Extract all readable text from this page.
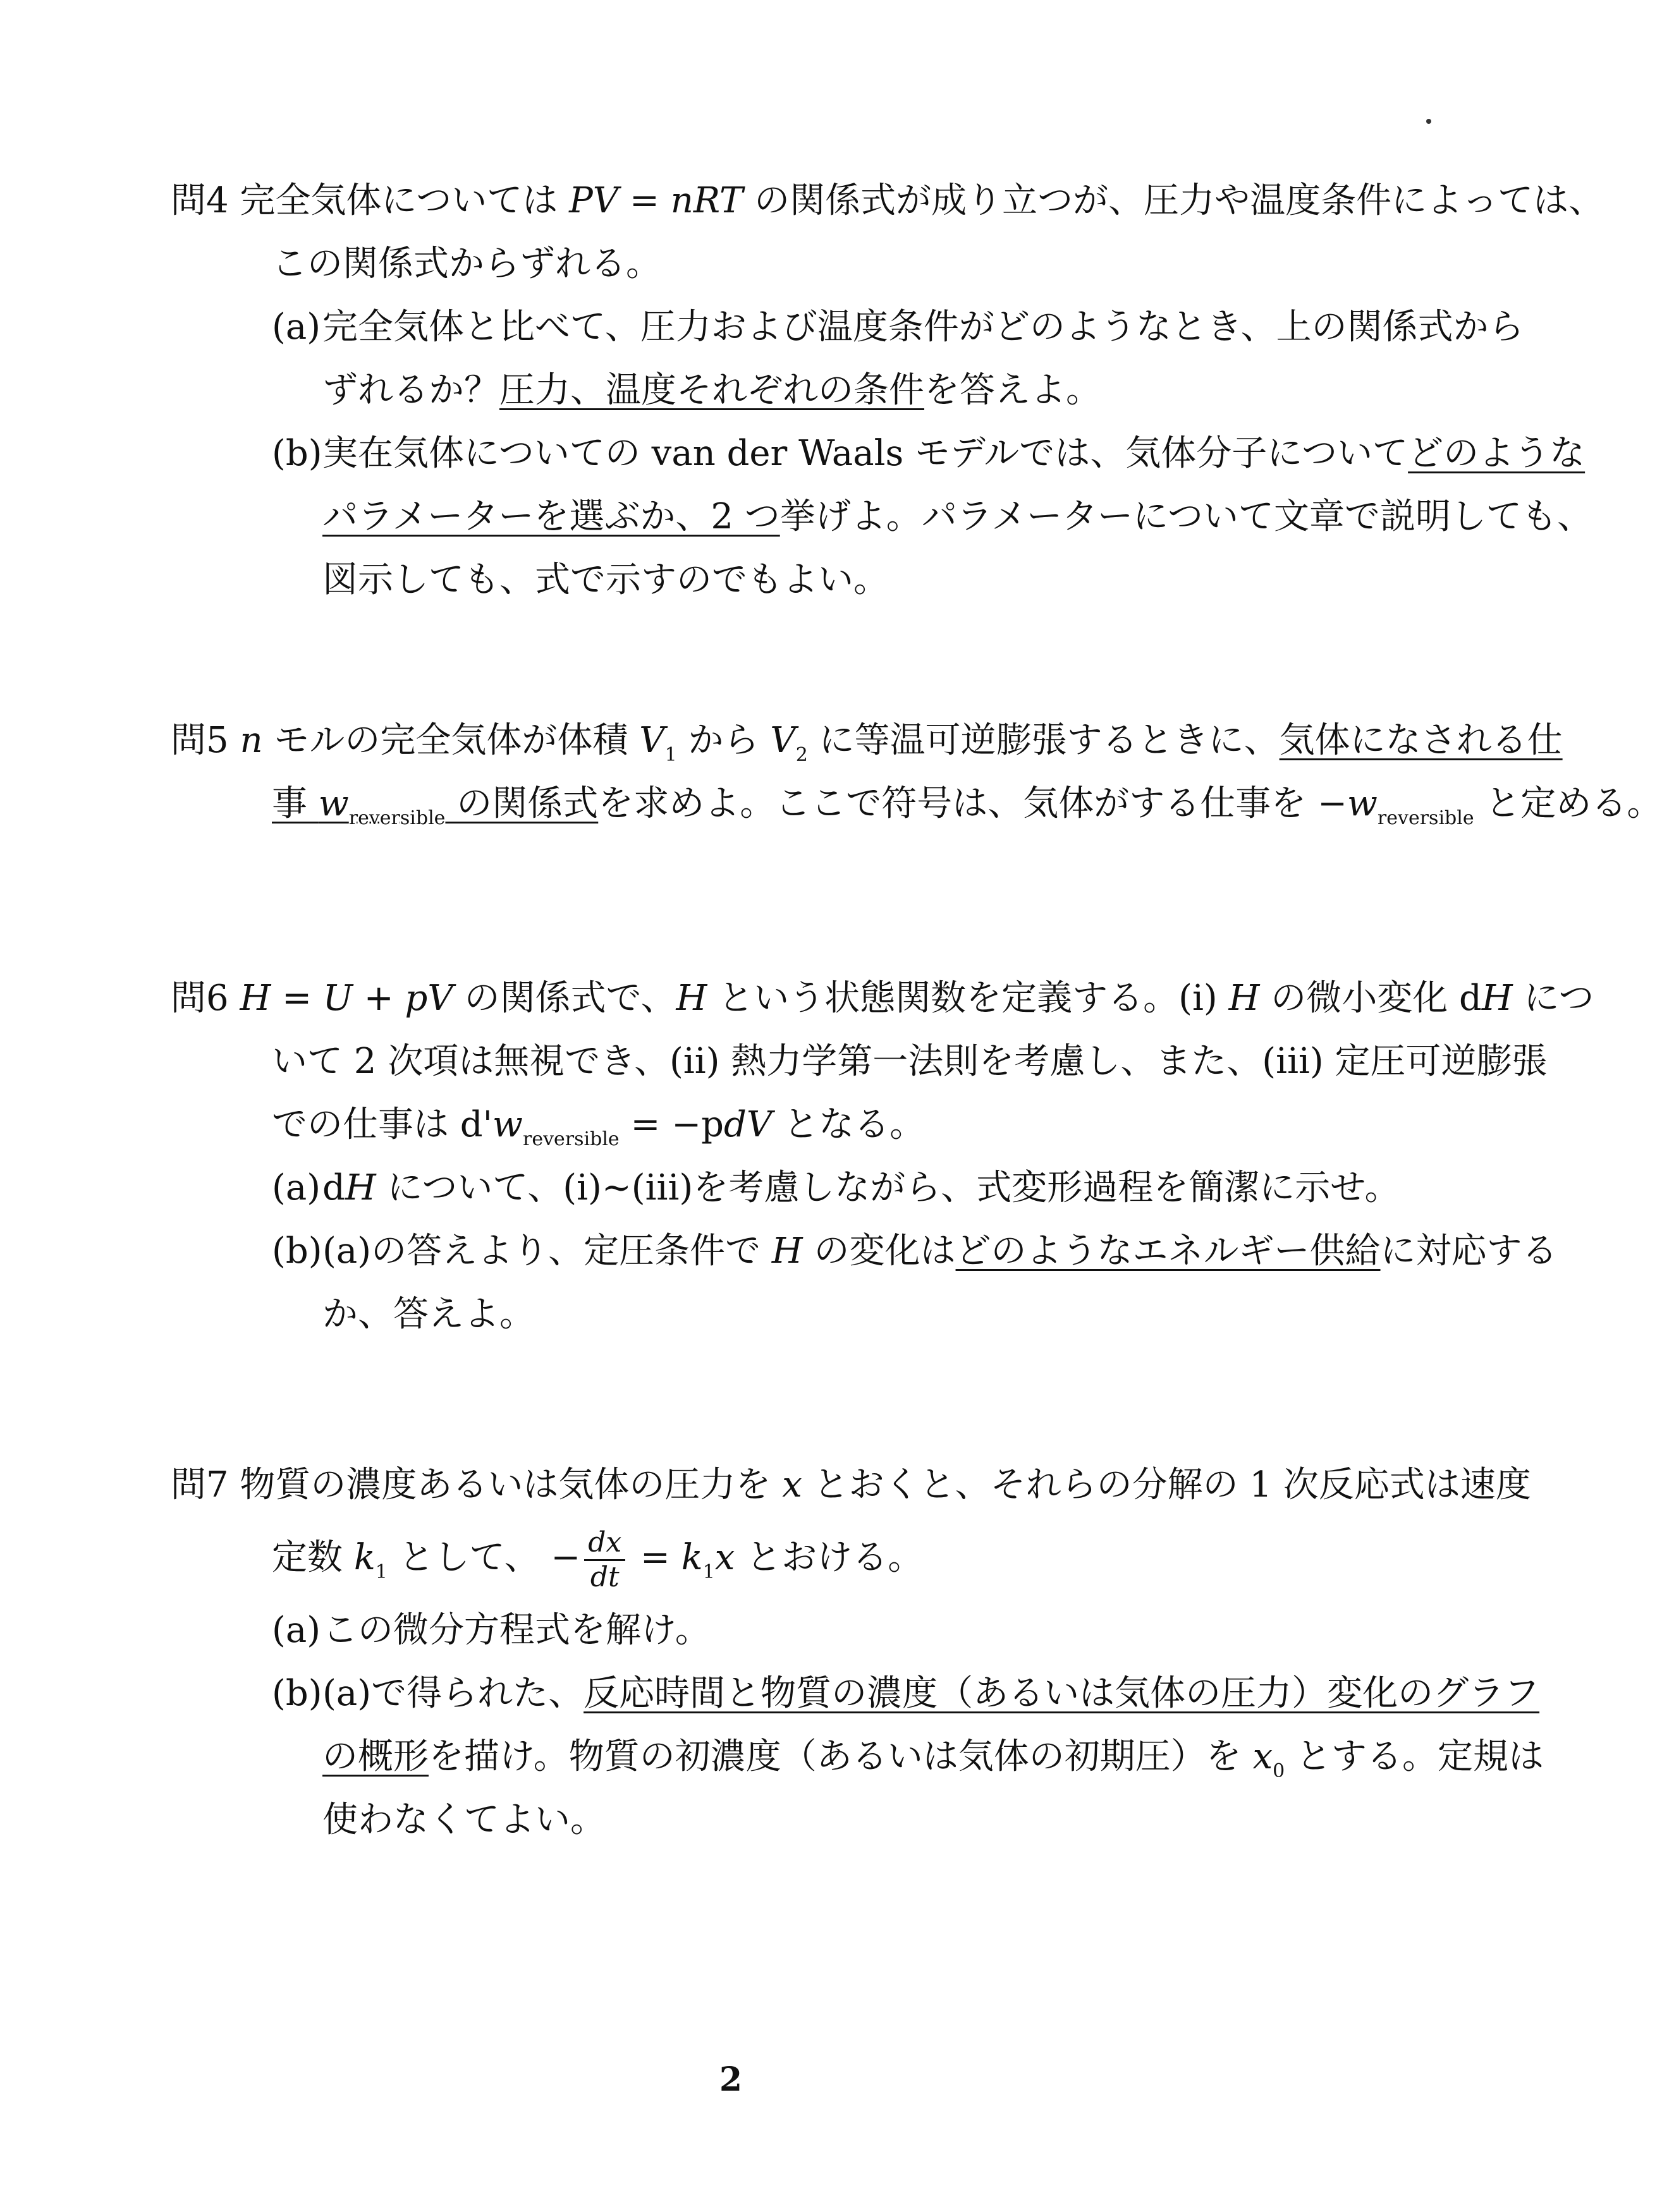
問4 完全気体については PV = nRT の関係式が成り立つが、圧力や温度条件によっては、
この関係式からずれる。
(a)完全気体と比べて、圧力および温度条件がどのようなとき、上の関係式から
ずれるか？圧力、温度それぞれの条件を答えよ。
(b)実在気体についての van der Waals モデルでは、気体分子についてどのような
パラメーターを選ぶか、2 つ挙げよ。パラメーターについて文章で説明しても、
図示しても、式で示すのでもよい。
問5 n モルの完全気体が体積 $V_1$ から $V_2$ に等温可逆膨張するときに、気体になされる仕
事 $w_{reversible}$ の関係式を求めよ。ここで符号は、気体がする仕事を $-w_{reversible}$ と定める。
問6 H = U + pV の関係式で、H という状態関数を定義する。(i) H の微小変化 dH につ
いて 2 次項は無視でき、(ii) 熱力学第一法則を考慮し、また、(iii) 定圧可逆膨張
での仕事は $d'w_{reversible} = -pdV$ となる。
(a)dH について、(i)~(iii)を考慮しながら、式変形過程を簡潔に示せ。
(b)(a)の答えより、定圧条件で H の変化はどのようなエネルギー供給に対応する
か、答えよ。
問7 物質の濃度あるいは気体の圧力を x とおくと、それらの分解の 1 次反応式は速度
定数 $k_1$ として、 − $\frac{dx}{dt} = k_1x$ とおける。
(a)この微分方程式を解け。
(b)(a)で得られた、反応時間と物質の濃度（あるいは気体の圧力）変化のグラフ
の概形を描け。物質の初濃度（あるいは気体の初期圧）を $x_0$ とする。定規は
使わなくてよい。
2
